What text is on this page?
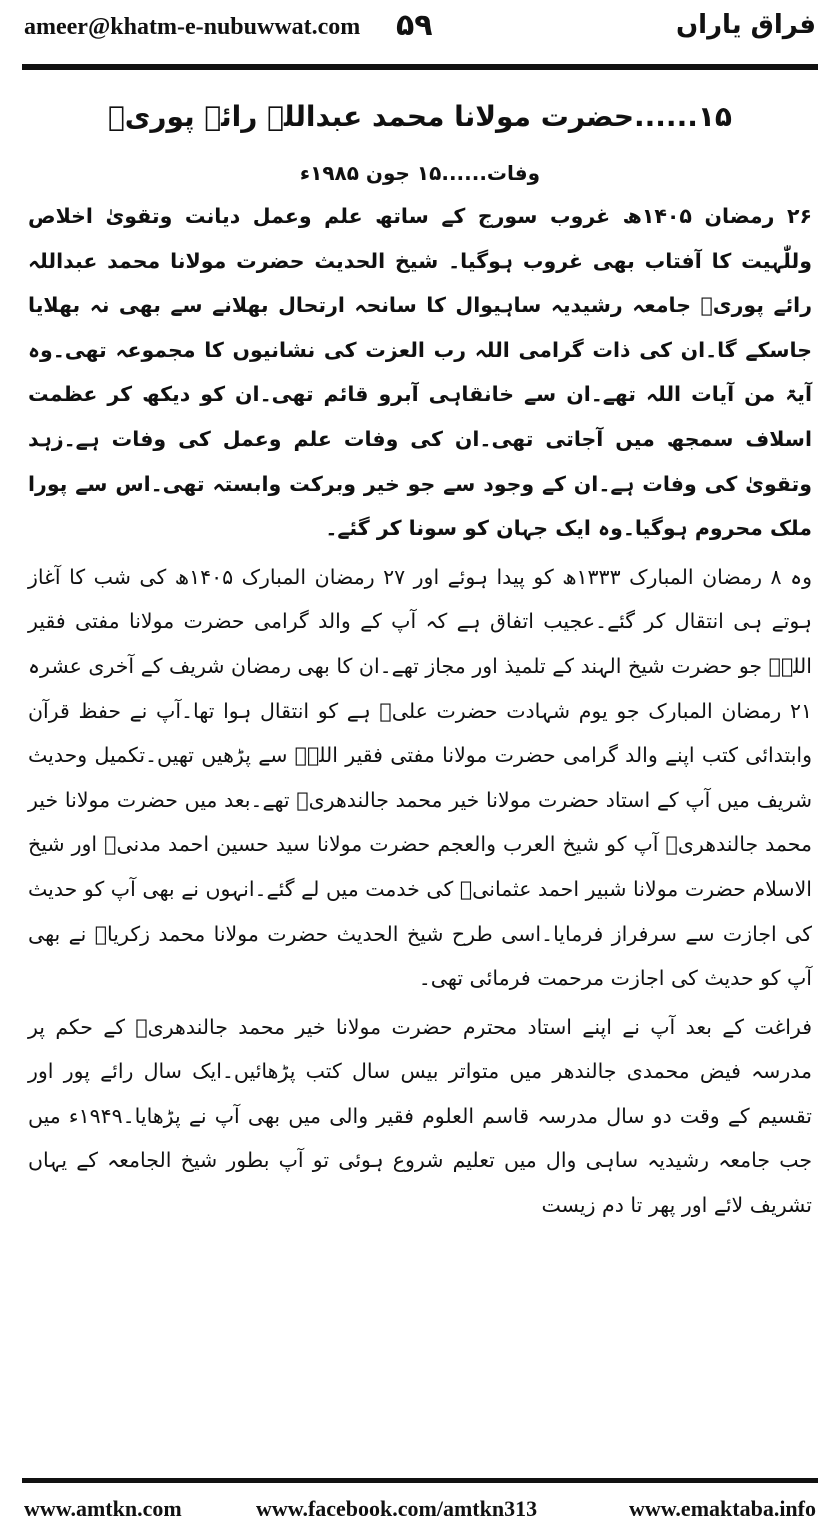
ameer@khatm-e-nubuwwat.com ۵۹	فراق یاراں
۱۵......حضرت مولانا محمد عبداللہ رائے پوریؒ
وفات......۱۵ جون ۱۹۸۵ء

۲۶ رمضان ۱۴۰۵ھ غروب سورج کے ساتھ علم وعمل دیانت وتقویٰ اخلاص وللّٰہیت کا آفتاب بھی غروب ہوگیا۔ شیخ الحدیث حضرت مولانا محمد عبداللہ رائے پوریؒ جامعہ رشیدیہ ساہیوال کا سانحہ ارتحال بھلانے سے بھی نہ بھلایا جاسکے گا۔ان کی ذات گرامی اللہ رب العزت کی نشانیوں کا مجموعہ تھی۔وہ آیۃ من آیات اللہ تھے۔ان سے خانقاہی آبرو قائم تھی۔ان کو دیکھ کر عظمت اسلاف سمجھ میں آجاتی تھی۔ان کی وفات علم وعمل کی وفات ہے۔زہد وتقویٰ کی وفات ہے۔ان کے وجود سے جو خیر وبرکت وابستہ تھی۔اس سے پورا ملک محروم ہوگیا۔وہ ایک جہان کو سونا کر گئے۔

وہ ۸ رمضان المبارک ۱۳۳۳ھ کو پیدا ہوئے اور ۲۷ رمضان المبارک ۱۴۰۵ھ کی شب کا آغاز ہوتے ہی انتقال کر گئے۔عجیب اتفاق ہے کہ آپ کے والد گرامی حضرت مولانا مفتی فقیر اللہؒ جو حضرت شیخ الہند کے تلمیذ اور مجاز تھے۔ان کا بھی رمضان شریف کے آخری عشرہ ۲۱ رمضان المبارک جو یوم شہادت حضرت علیؓ ہے کو انتقال ہوا تھا۔آپ نے حفظ قرآن وابتدائی کتب اپنے والد گرامی حضرت مولانا مفتی فقیر اللہؒ سے پڑھیں تھیں۔تکمیل وحدیث شریف میں آپ کے استاد حضرت مولانا خیر محمد جالندھریؒ تھے۔بعد میں حضرت مولانا خیر محمد جالندھریؒ آپ کو شیخ العرب والعجم حضرت مولانا سید حسین احمد مدنیؒ اور شیخ الاسلام حضرت مولانا شبیر احمد عثمانیؒ کی خدمت میں لے گئے۔انہوں نے بھی آپ کو حدیث کی اجازت سے سرفراز فرمایا۔اسی طرح شیخ الحدیث حضرت مولانا محمد زکریاؒ نے بھی آپ کو حدیث کی اجازت مرحمت فرمائی تھی۔

فراغت کے بعد آپ نے اپنے استاد محترم حضرت مولانا خیر محمد جالندھریؒ کے حکم پر مدرسہ فیض محمدی جالندھر میں متواتر بیس سال کتب پڑھائیں۔ایک سال رائے پور اور تقسیم کے وقت دو سال مدرسہ قاسم العلوم فقیر والی میں بھی آپ نے پڑھایا۔۱۹۴۹ء میں جب جامعہ رشیدیہ ساہی وال میں تعلیم شروع ہوئی تو آپ بطور شیخ الجامعہ کے یہاں تشریف لائے اور پھر تا دم زیست

www.amtkn.com	www.facebook.com/amtkn313	www.emaktaba.info
